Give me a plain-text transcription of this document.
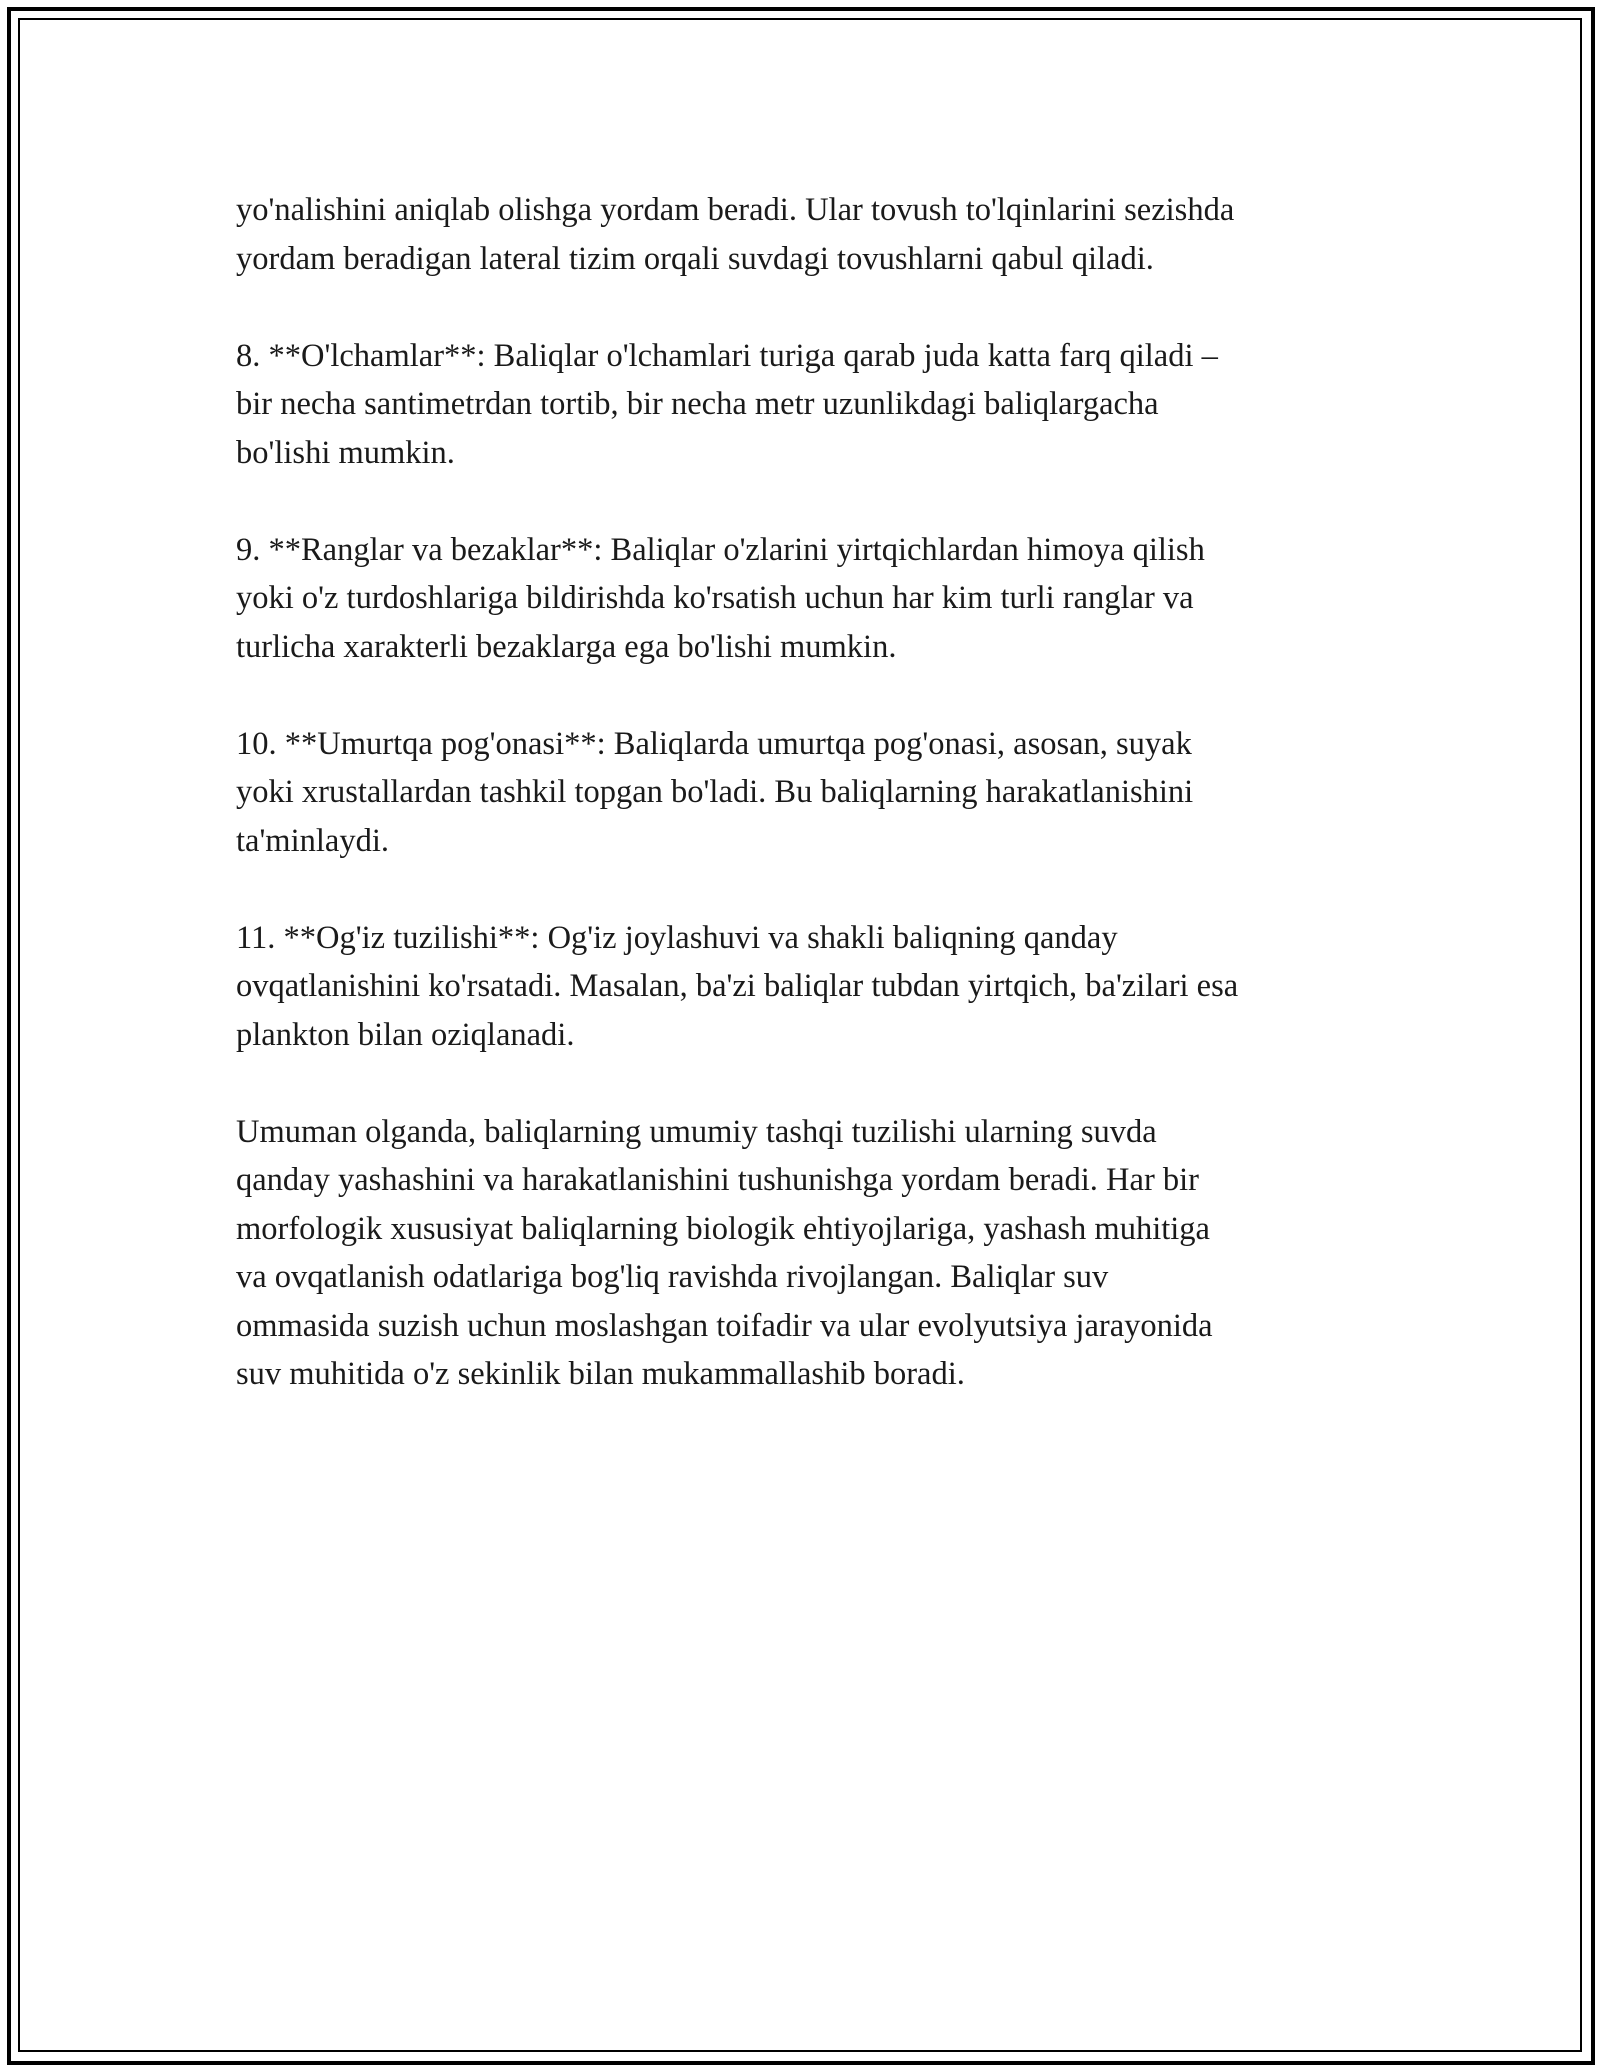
yo'nalishini aniqlab olishga yordam beradi. Ular tovush to'lqinlarini sezishda
yordam beradigan lateral tizim orqali suvdagi tovushlarni qabul qiladi.

8. **O'lchamlar**: Baliqlar o'lchamlari turiga qarab juda katta farq qiladi –
bir necha santimetrdan tortib, bir necha metr uzunlikdagi baliqlargacha
bo'lishi mumkin.

9. **Ranglar va bezaklar**: Baliqlar o'zlarini yirtqichlardan himoya qilish
yoki o'z turdoshlariga bildirishda ko'rsatish uchun har kim turli ranglar va
turlicha xarakterli bezaklarga ega bo'lishi mumkin.

10. **Umurtqa pog'onasi**: Baliqlarda umurtqa pog'onasi, asosan, suyak
yoki xrustallardan tashkil topgan bo'ladi. Bu baliqlarning harakatlanishini
ta'minlaydi.

11. **Og'iz tuzilishi**: Og'iz joylashuvi va shakli baliqning qanday
ovqatlanishini ko'rsatadi. Masalan, ba'zi baliqlar tubdan yirtqich, ba'zilari esa
plankton bilan oziqlanadi.

Umuman olganda, baliqlarning umumiy tashqi tuzilishi ularning suvda
qanday yashashini va harakatlanishini tushunishga yordam beradi. Har bir
morfologik xususiyat baliqlarning biologik ehtiyojlariga, yashash muhitiga
va ovqatlanish odatlariga bog'liq ravishda rivojlangan. Baliqlar suv
ommasida suzish uchun moslashgan toifadir va ular evolyutsiya jarayonida
suv muhitida o'z sekinlik bilan mukammallashib boradi.
